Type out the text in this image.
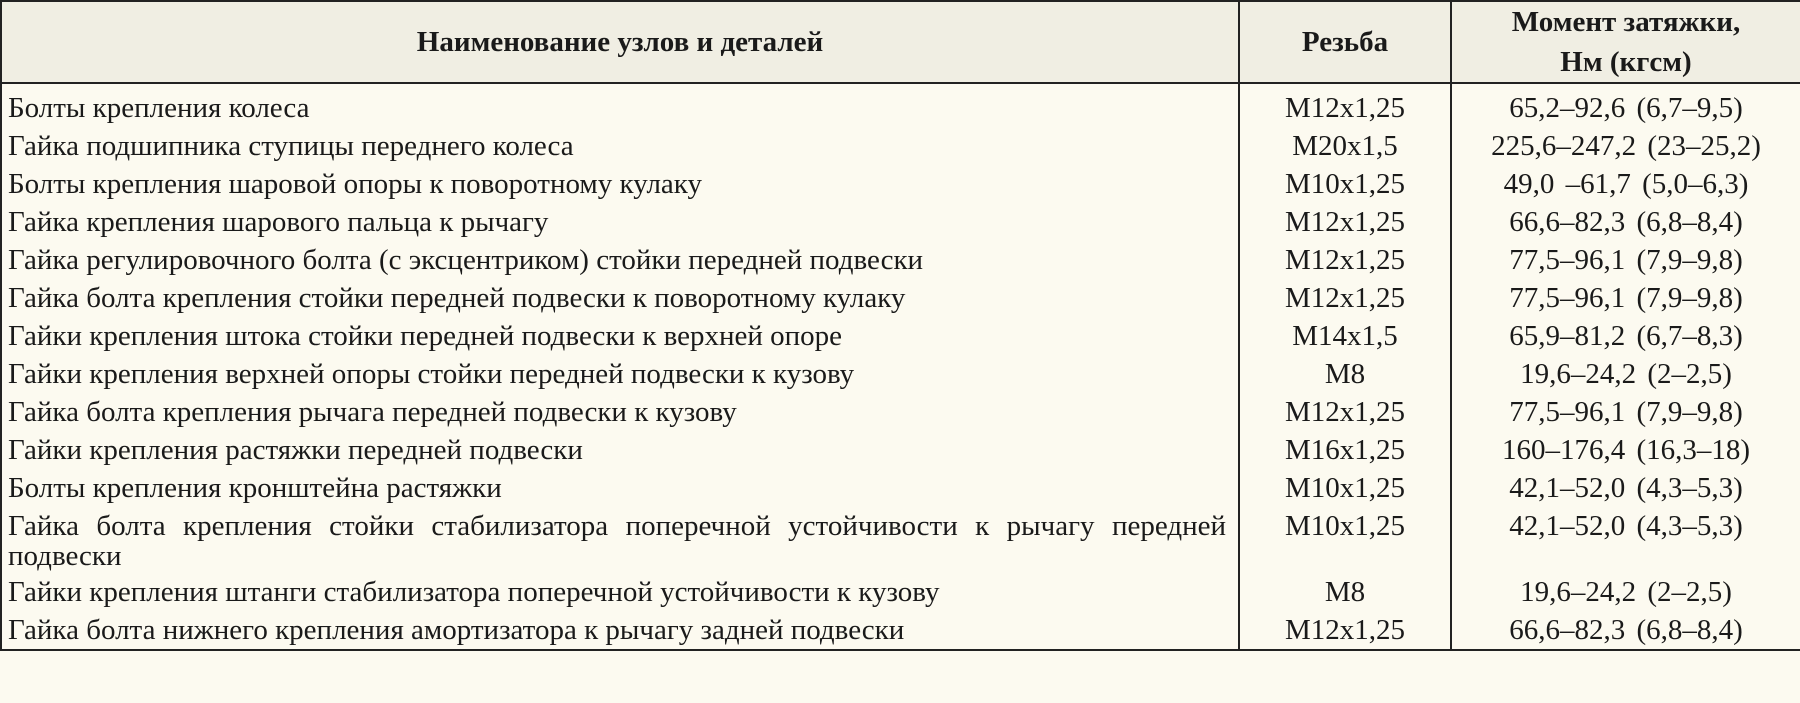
Наименование узлов и деталей	Резьба	Момент затяжки,
Нм (кгсм)

Болты крепления колеса	M12x1,25	65,2–92,6 (6,7–9,5)
Гайка подшипника ступицы переднего колеса	M20x1,5	225,6–247,2 (23–25,2)
Болты крепления шаровой опоры к поворотному кулаку	M10x1,25	49,0 –61,7 (5,0–6,3)
Гайка крепления шарового пальца к рычагу	M12x1,25	66,6–82,3 (6,8–8,4)
Гайка регулировочного болта (с эксцентриком) стойки передней подвески	M12x1,25	77,5–96,1 (7,9–9,8)
Гайка болта крепления стойки передней подвески к поворотному кулаку	M12x1,25	77,5–96,1 (7,9–9,8)
Гайки крепления штока стойки передней подвески к верхней опоре	M14x1,5	65,9–81,2 (6,7–8,3)
Гайки крепления верхней опоры стойки передней подвески к кузову	M8	19,6–24,2 (2–2,5)
Гайка болта крепления рычага передней подвески к кузову	M12x1,25	77,5–96,1 (7,9–9,8)
Гайки крепления растяжки передней подвески	M16x1,25	160–176,4 (16,3–18)
Болты крепления кронштейна растяжки	M10x1,25	42,1–52,0 (4,3–5,3)
Гайка болта крепления стойки стабилизатора поперечной устойчивости к рычагу передней подвески	M10x1,25	42,1–52,0 (4,3–5,3)
Гайки крепления штанги стабилизатора поперечной устойчивости к кузову	M8	19,6–24,2 (2–2,5)
Гайка болта нижнего крепления амортизатора к рычагу задней подвески	M12x1,25	66,6–82,3 (6,8–8,4)
